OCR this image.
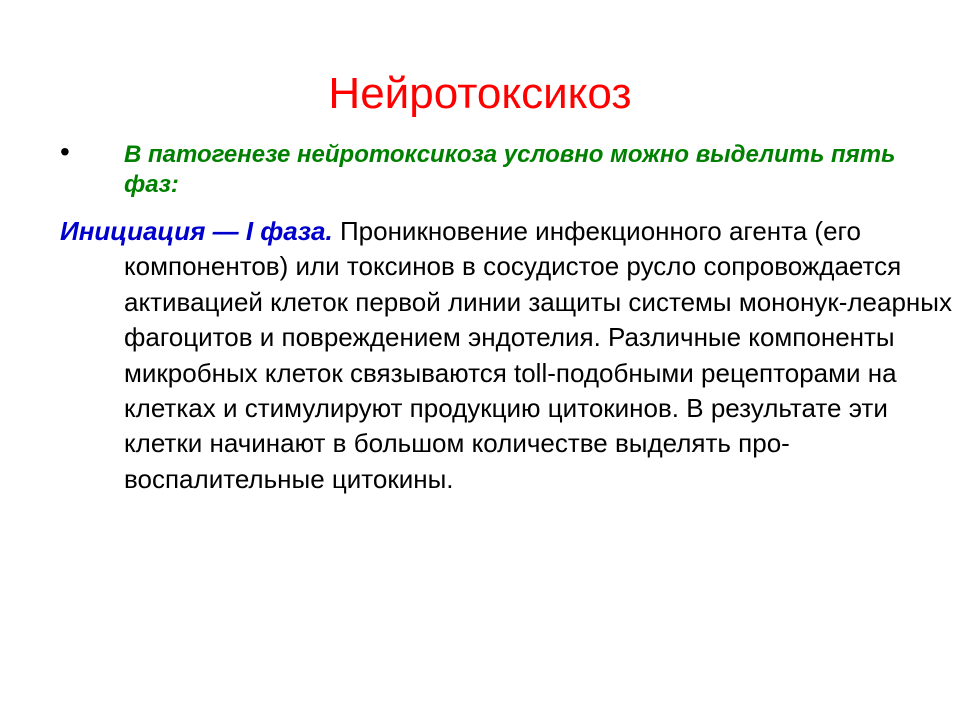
Нейротоксикоз
• В патогенезе нейротоксикоза условно можно выделить пять фаз:
Инициация — I фаза. Проникновение инфекционного агента (его компонентов) или токсинов в сосудистое русло сопровождается активацией клеток первой линии защиты системы мононук-леарных фагоцитов и повреждением эндотелия. Различные компоненты микробных клеток связываются toll-подобными рецепторами на клетках и стимулируют продукцию цитокинов. В результате эти клетки начинают в большом количестве выделять про-воспалительные цитокины.
